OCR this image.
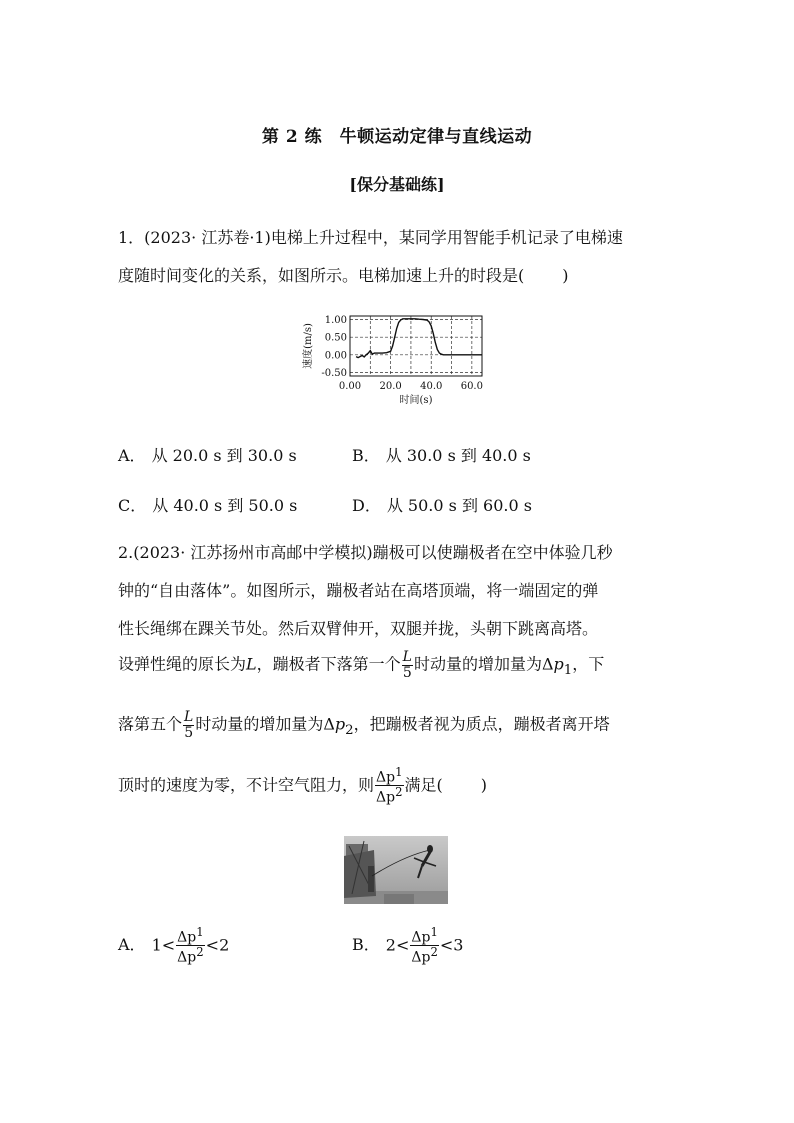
第 2 练　牛顿运动定律与直线运动
[保分基础练]
1．(2023· 江苏卷·1)电梯上升过程中，某同学用智能手机记录了电梯速
度随时间变化的关系，如图所示。电梯加速上升的时段是( )
1.00
0.50
0.00
-0.50
0.00 20.0 40.0 60.0
时间(s)
速度(m/s)
A． 从 20.0 s 到 30.0 s	B． 从 30.0 s 到 40.0 s
C． 从 40.0 s 到 50.0 s	D． 从 50.0 s 到 60.0 s
2.(2023· 江苏扬州市高邮中学模拟)蹦极可以使蹦极者在空中体验几秒
钟的“自由落体”。如图所示，蹦极者站在高塔顶端，将一端固定的弹
性长绳绑在踝关节处。然后双臂伸开，双腿并拢，头朝下跳离高塔。
设弹性绳的原长为L，蹦极者下落第一个 $\frac{L}{5}$ 时动量的增加量为$\Delta p_1$，下
落第五个 $\frac{L}{5}$ 时动量的增加量为$\Delta p_2$，把蹦极者视为质点，蹦极者离开塔
顶时的速度为零，不计空气阻力，则 $\frac{\Delta p^1}{\Delta p^2}$ 满足( )
A． $1< \frac{\Delta p^1}{\Delta p^2} <2$	B． $2< \frac{\Delta p^1}{\Delta p^2} <3$
